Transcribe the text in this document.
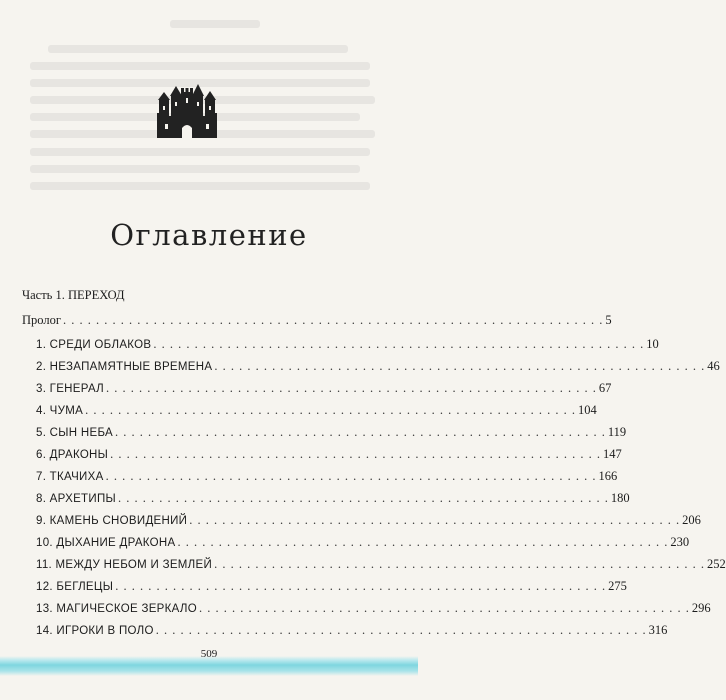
Оглавление
Часть 1. ПЕРЕХОД
Пролог . . . . . . . . . . . . . . . . . . . . . . . . . . . . . . . . . . . . . . . . . . . . . . . . . . . . . . . . . . . . . . . . . . 5
1. СРЕДИ ОБЛАКОВ . . . . . . . . . . . . . . . . . . . . . . . . . . . . . . . . . . . . . . . . . . . . . . . . . . . . . . . . . . . . 10
2. НЕЗАПАМЯТНЫЕ ВРЕМЕНА . . . . . . . . . . . . . . . . . . . . . . . . . . . . . . . . . . . . . . . . . . . . . . . . . . . . . . . . . . . . 46
3. ГЕНЕРАЛ . . . . . . . . . . . . . . . . . . . . . . . . . . . . . . . . . . . . . . . . . . . . . . . . . . . . . . . . . . . . 67
4. ЧУМА . . . . . . . . . . . . . . . . . . . . . . . . . . . . . . . . . . . . . . . . . . . . . . . . . . . . . . . . . . . . 104
5. СЫН НЕБА . . . . . . . . . . . . . . . . . . . . . . . . . . . . . . . . . . . . . . . . . . . . . . . . . . . . . . . . . . . . 119
6. ДРАКОНЫ . . . . . . . . . . . . . . . . . . . . . . . . . . . . . . . . . . . . . . . . . . . . . . . . . . . . . . . . . . . . 147
7. ТКАЧИХА . . . . . . . . . . . . . . . . . . . . . . . . . . . . . . . . . . . . . . . . . . . . . . . . . . . . . . . . . . . . 166
8. АРХЕТИПЫ . . . . . . . . . . . . . . . . . . . . . . . . . . . . . . . . . . . . . . . . . . . . . . . . . . . . . . . . . . . . 180
9. КАМЕНЬ СНОВИДЕНИЙ . . . . . . . . . . . . . . . . . . . . . . . . . . . . . . . . . . . . . . . . . . . . . . . . . . . . . . . . . . . . 206
10. ДЫХАНИЕ ДРАКОНА . . . . . . . . . . . . . . . . . . . . . . . . . . . . . . . . . . . . . . . . . . . . . . . . . . . . . . . . . . . . 230
11. МЕЖДУ НЕБОМ И ЗЕМЛЕЙ . . . . . . . . . . . . . . . . . . . . . . . . . . . . . . . . . . . . . . . . . . . . . . . . . . . . . . . . . . . . 252
12. БЕГЛЕЦЫ . . . . . . . . . . . . . . . . . . . . . . . . . . . . . . . . . . . . . . . . . . . . . . . . . . . . . . . . . . . . 275
13. МАГИЧЕСКОЕ ЗЕРКАЛО . . . . . . . . . . . . . . . . . . . . . . . . . . . . . . . . . . . . . . . . . . . . . . . . . . . . . . . . . . . . 296
14. ИГРОКИ В ПОЛО . . . . . . . . . . . . . . . . . . . . . . . . . . . . . . . . . . . . . . . . . . . . . . . . . . . . . . . . . . . . 316
509
